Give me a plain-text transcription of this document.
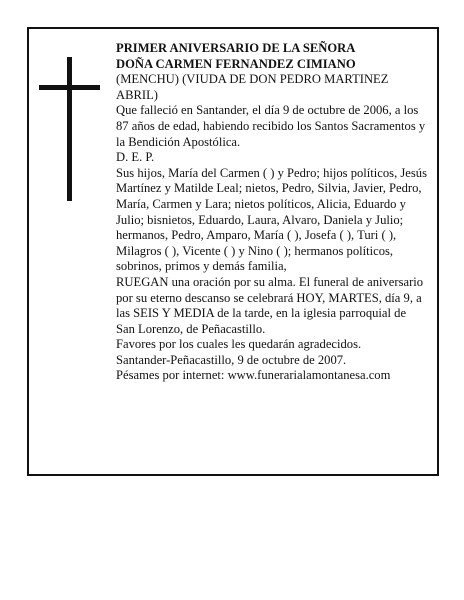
PRIMER ANIVERSARIO DE LA SEÑORA

DOÑA CARMEN FERNANDEZ CIMIANO

(MENCHU) (VIUDA DE DON PEDRO MARTINEZ ABRIL)

Que falleció en Santander, el día 9 de octubre de 2006, a los 87 años de edad, habiendo recibido los Santos Sacramentos y la Bendición Apostólica.

D. E. P.

Sus hijos, María del Carmen ( ) y Pedro; hijos políticos, Jesús Martínez y Matilde Leal; nietos, Pedro, Silvia, Javier, Pedro, María, Carmen y Lara; nietos políticos, Alicia, Eduardo y Julio; bisnietos, Eduardo, Laura, Alvaro, Daniela y Julio; hermanos, Pedro, Amparo, María ( ), Josefa ( ), Turi ( ), Milagros ( ), Vicente ( ) y Nino ( ); hermanos políticos, sobrinos, primos y demás familia,

RUEGAN una oración por su alma. El funeral de aniversario por su eterno descanso se celebrará HOY, MARTES, día 9, a las SEIS Y MEDIA de la tarde, en la iglesia parroquial de San Lorenzo, de Peñacastillo.

Favores por los cuales les quedarán agradecidos.

Santander-Peñacastillo, 9 de octubre de 2007.

Pésames por internet: www.funerarialamontanesa.com
